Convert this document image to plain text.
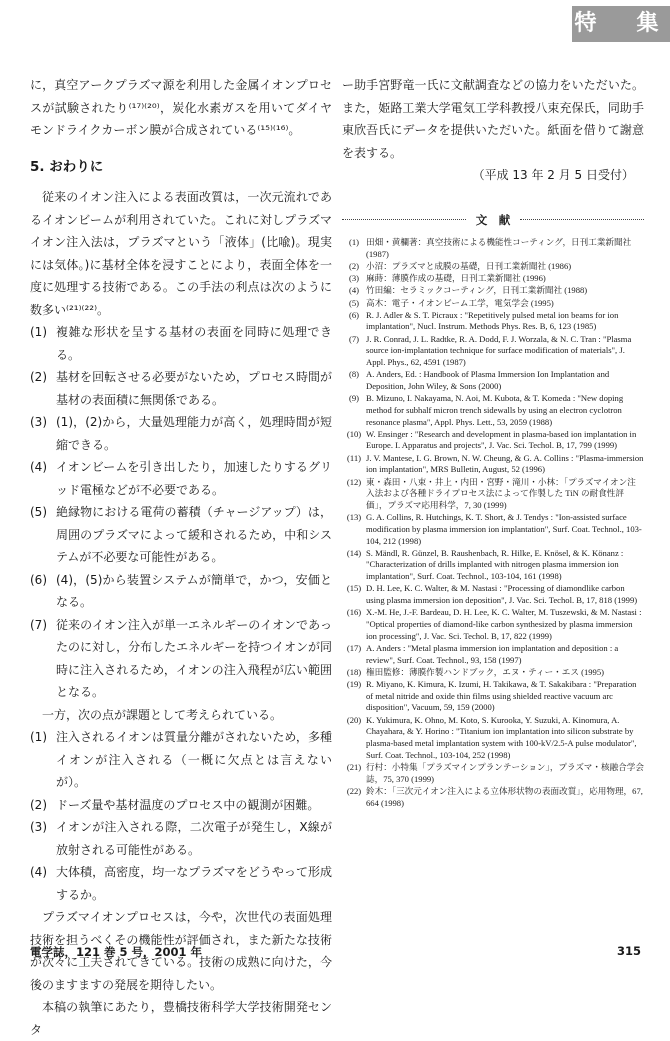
特　集

に，真空アークプラズマ源を利用した金属イオンプロセスが試験されたり⁽¹⁷⁾⁽²⁰⁾，炭化水素ガスを用いてダイヤモンドライクカーボン膜が合成されている⁽¹⁵⁾⁽¹⁶⁾。

5. おわりに

従来のイオン注入による表面改質は，一次元流れであるイオンビームが利用されていた。これに対しプラズマイオン注入法は，プラズマという「液体」(比喩)。現実には気体。)に基材全体を浸すことにより，表面全体を一度に処理する技術である。この手法の利点は次のように数多い⁽²¹⁾⁽²²⁾。

(1) 複雑な形状を呈する基材の表面を同時に処理できる。
(2) 基材を回転させる必要がないため，プロセス時間が基材の表面積に無関係である。
(3) (1)，(2)から，大量処理能力が高く，処理時間が短縮できる。
(4) イオンビームを引き出したり，加速したりするグリッド電極などが不必要である。
(5) 絶縁物における電荷の蓄積（チャージアップ）は，周囲のプラズマによって緩和されるため，中和システムが不必要な可能性がある。
(6) (4)，(5)から装置システムが簡単で，かつ，安価となる。
(7) 従来のイオン注入が単一エネルギーのイオンであったのに対し，分布したエネルギーを持つイオンが同時に注入されるため，イオンの注入飛程が広い範囲となる。

一方，次の点が課題として考えられている。

(1) 注入されるイオンは質量分離がされないため，多種イオンが注入される（一概に欠点とは言えないが）。
(2) ドーズ量や基材温度のプロセス中の観測が困難。
(3) イオンが注入される際，二次電子が発生し，X線が放射される可能性がある。
(4) 大体積，高密度，均一なプラズマをどうやって形成するか。

プラズマイオンプロセスは，今や，次世代の表面処理技術を担うべくその機能性が評価され，また新たな技術が次々に工夫されてきている。技術の成熟に向けた，今後のますますの発展を期待したい。

本稿の執筆にあたり，豊橋技術科学大学技術開発センタ

ー助手宮野竜一氏に文献調査などの協力をいただいた。また，姫路工業大学電気工学科教授八束充保氏，同助手　東欣吾氏にデータを提供いただいた。紙面を借りて謝意を表する。

（平成 13 年 2 月 5 日受付）

文　献
(1) 田畑・黄欄著：真空技術による機能性コーティング，日刊工業新聞社 (1987)
(2) 小沼：プラズマと成膜の基礎，日刊工業新聞社 (1986)
(3) 麻蒔：薄膜作成の基礎，日刊工業新聞社 (1996)
(4) 竹田編：セラミックコーティング，日刊工業新聞社 (1988)
(5) 高木：電子・イオンビーム工学，電気学会 (1995)
(6) R. J. Adler & S. T. Picraux : "Repetitively pulsed metal ion beams for ion implantation", Nucl. Instrum. Methods Phys. Res. B, 6, 123 (1985)
(7) J. R. Conrad, J. L. Radtke, R. A. Dodd, F. J. Worzala, & N. C. Tran : "Plasma source ion-implantation technique for surface modification of materials", J. Appl. Phys., 62, 4591 (1987)
(8) A. Anders, Ed. : Handbook of Plasma Immersion Ion Implantation and Deposition, John Wiley, & Sons (2000)
(9) B. Mizuno, I. Nakayama, N. Aoi, M. Kubota, & T. Komeda : "New doping method for subhalf micron trench sidewalls by using an electron cyclotron resonance plasma", Appl. Phys. Lett., 53, 2059 (1988)
(10) W. Ensinger : "Research and development in plasma-based ion implantation in Europe. I. Apparatus and projects", J. Vac. Sci. Techol. B, 17, 799 (1999)
(11) J. V. Mantese, I. G. Brown, N. W. Cheung, & G. A. Collins : "Plasma-immersion ion implantation", MRS Bulletin, August, 52 (1996)
(12) 東・森田・八束・井上・内田・宮野・滝川・小林：「プラズマイオン注入法および各種ドライプロセス法によって作製した TiN の耐食性評価」，プラズマ応用科学，7, 30 (1999)
(13) G. A. Collins, R. Hutchings, K. T. Short, & J. Tendys : "Ion-assisted surface modification by plasma immersion ion implantation", Surf. Coat. Technol., 103-104, 212 (1998)
(14) S. Mändl, R. Günzel, B. Raushenbach, R. Hilke, E. Knösel, & K. Könanz : "Characterization of drills implanted with nitrogen plasma immersion ion implantation", Surf. Coat. Technol., 103-104, 161 (1998)
(15) D. H. Lee, K. C. Walter, & M. Nastasi : "Processing of diamondlike carbon using plasma immersion ion deposition", J. Vac. Sci. Techol. B, 17, 818 (1999)
(16) X.-M. He, J.-F. Bardeau, D. H. Lee, K. C. Walter, M. Tuszewski, & M. Nastasi : "Optical properties of diamond-like carbon synthesized by plasma immersion ion processing", J. Vac. Sci. Techol. B, 17, 822 (1999)
(17) A. Anders : "Metal plasma immersion ion implantation and deposition : a review", Surf. Coat. Technol., 93, 158 (1997)
(18) 権田監修：薄膜作製ハンドブック，エヌ・ティー・エス (1995)
(19) R. Miyano, K. Kimura, K. Izumi, H. Takikawa, & T. Sakakibara : "Preparation of metal nitride and oxide thin films using shielded reactive vacuum arc disposition", Vacuum, 59, 159 (2000)
(20) K. Yukimura, K. Ohno, M. Koto, S. Kurooka, Y. Suzuki, A. Kinomura, A. Chayahara, & Y. Horino : "Titanium ion implantation into silicon substrate by plasma-based metal implantation system with 100-kV/2.5-A pulse modulator", Surf. Coat. Technol., 103-104, 252 (1998)
(21) 行村：小特集「プラズマインプランテーション」，プラズマ・核融合学会誌，75, 370 (1999)
(22) 鈴木：「三次元イオン注入による立体形状物の表面改質」，応用物理，67, 664 (1998)
電学誌，121 巻 5 号，2001 年	315
